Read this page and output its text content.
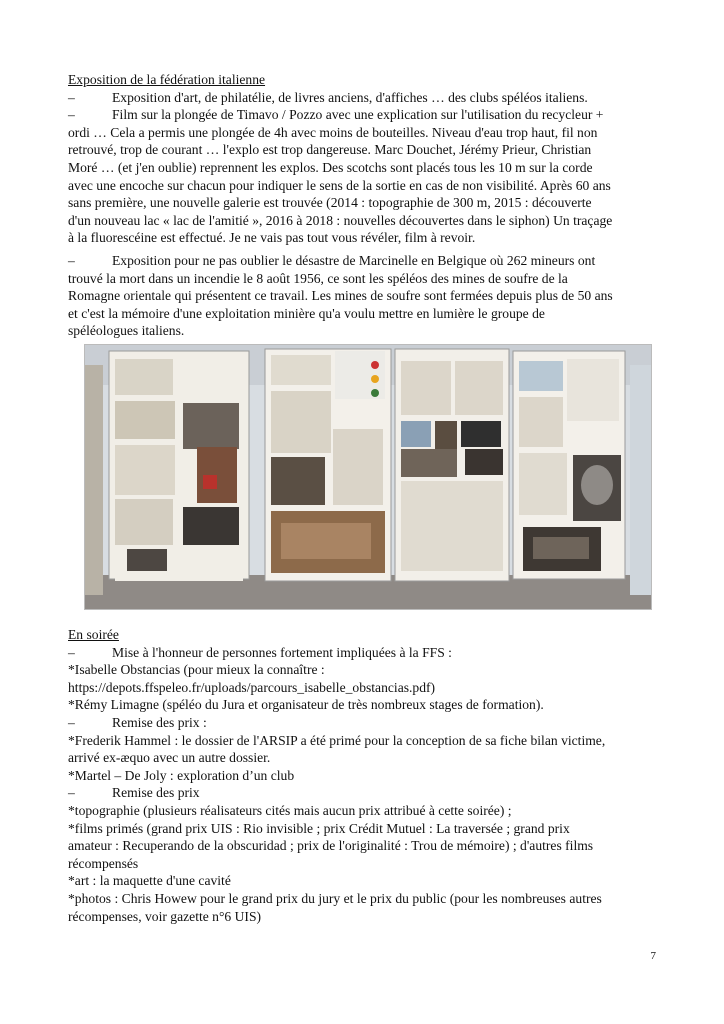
Exposition de la fédération italienne
–	Exposition d'art, de philatélie, de livres anciens, d'affiches … des clubs spéléos italiens.
–	Film sur la plongée de Timavo / Pozzo avec une explication sur l'utilisation du recycleur +
ordi … Cela a permis une plongée de 4h avec moins de bouteilles. Niveau d'eau trop haut, fil non
retrouvé, trop de courant … l'explo est trop dangereuse. Marc Douchet, Jérémy Prieur, Christian
Moré … (et j'en oublie) reprennent les explos. Des scotchs sont placés tous les 10 m sur la corde
avec une encoche sur chacun pour indiquer le sens de la sortie en cas de non visibilité. Après 60 ans
sans première, une nouvelle galerie est trouvée (2014 : topographie de 300 m, 2015 : découverte
d'un nouveau lac « lac de l'amitié », 2016 à 2018 : nouvelles découvertes dans le siphon) Un traçage
à la fluorescéine est effectué. Je ne vais pas tout vous révéler, film à revoir.
–	Exposition pour ne pas oublier le désastre de Marcinelle en Belgique où 262 mineurs ont
trouvé la mort dans un incendie le 8 août 1956, ce sont les spéléos des mines de soufre de la
Romagne orientale qui présentent ce travail. Les mines de soufre sont fermées depuis plus de 50 ans
et c'est la mémoire d'une exploitation minière qu'a voulu mettre en lumière le groupe de
spéléologues italiens.
En soirée
–	Mise à l'honneur de personnes fortement impliquées à la FFS :
*Isabelle Obstancias (pour mieux la connaître :
https://depots.ffspeleo.fr/uploads/parcours_isabelle_obstancias.pdf)
*Rémy Limagne (spéléo du Jura et organisateur de très nombreux stages de formation).
–	Remise des prix :
*Frederik Hammel : le dossier de l'ARSIP a été primé pour la conception de sa fiche bilan victime,
arrivé ex-æquo avec un autre dossier.
*Martel – De Joly : exploration d’un club
–	Remise des prix
*topographie (plusieurs réalisateurs cités mais aucun prix attribué à cette soirée) ;
*films primés (grand prix UIS : Rio invisible ; prix Crédit Mutuel : La traversée ; grand prix
amateur : Recuperando de la obscuridad ; prix de l'originalité : Trou de mémoire) ; d'autres films
récompensés
*art : la maquette d'une cavité
*photos : Chris Howew pour le grand prix du jury et le prix du public (pour les nombreuses autres
récompenses, voir gazette n°6 UIS)
7
